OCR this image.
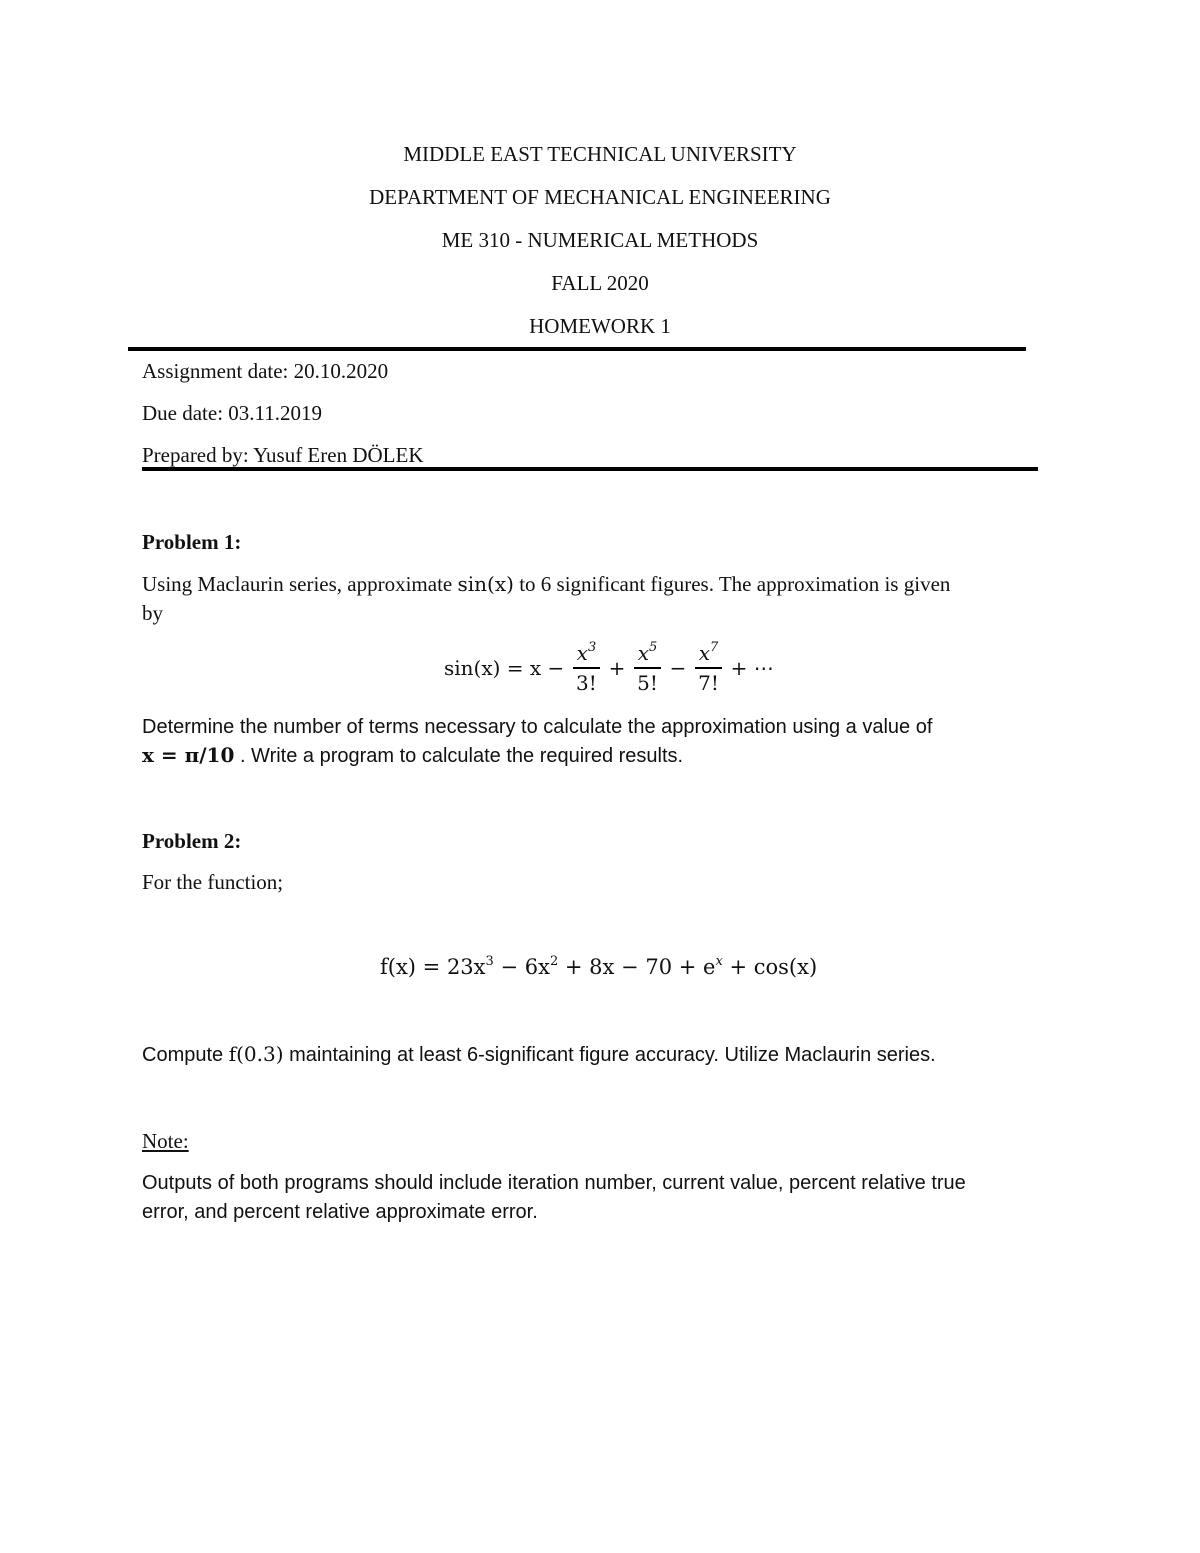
MIDDLE EAST TECHNICAL UNIVERSITY
DEPARTMENT OF MECHANICAL ENGINEERING
ME 310 - NUMERICAL METHODS
FALL 2020
HOMEWORK 1
Assignment date: 20.10.2020
Due date: 03.11.2019
Prepared by: Yusuf Eren DÖLEK
Problem 1:
Using Maclaurin series, approximate sin(x) to 6 significant figures. The approximation is given
by
$\sin(x) = x - \frac{x^3}{3!} + \frac{x^5}{5!} - \frac{x^7}{7!}$ + ⋯
Determine the number of terms necessary to calculate the approximation using a value of
x = π/10 . Write a program to calculate the required results.
Problem 2:
For the function;
$f(x) = 23x^3 - 6x^2 + 8x - 70 + e^x + \cos(x)$
Compute f(0.3) maintaining at least 6-significant figure accuracy. Utilize Maclaurin series.
Note:
Outputs of both programs should include iteration number, current value, percent relative true
error, and percent relative approximate error.
